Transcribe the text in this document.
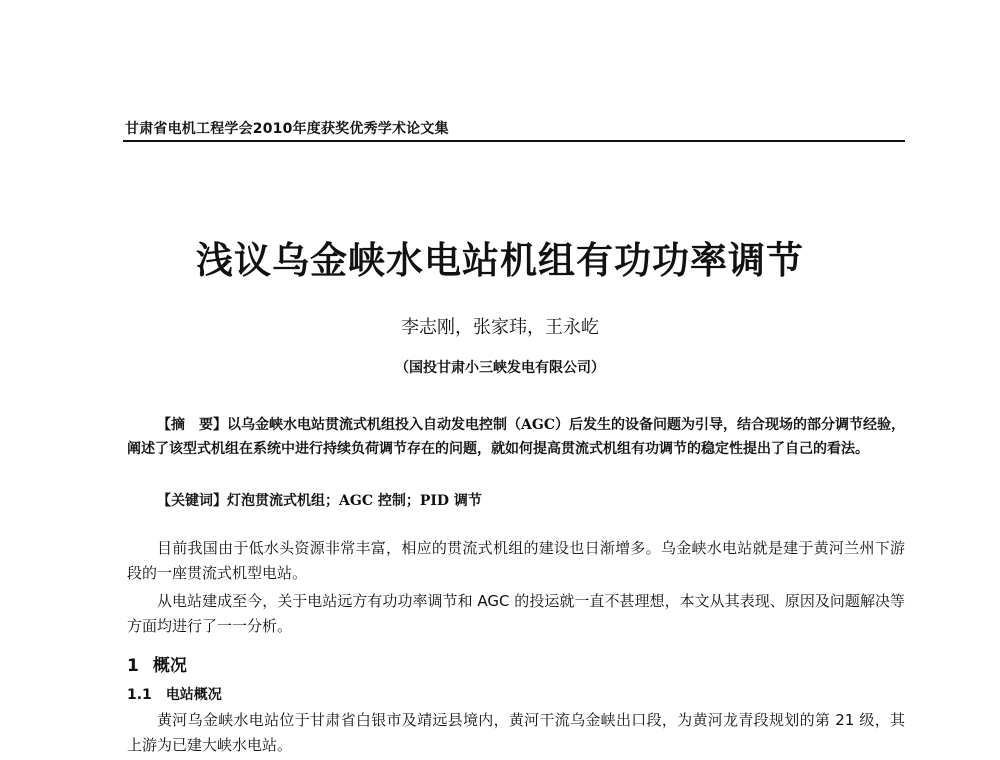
甘肃省电机工程学会2010年度获奖优秀学术论文集
浅议乌金峡水电站机组有功功率调节
李志刚，张家玮，王永屹
（国投甘肃小三峡发电有限公司）

【摘　要】以乌金峡水电站贯流式机组投入自动发电控制（AGC）后发生的设备问题为引导，结合现场的部分调节经验，阐述了该型式机组在系统中进行持续负荷调节存在的问题，就如何提高贯流式机组有功调节的稳定性提出了自己的看法。

【关键词】灯泡贯流式机组；AGC 控制；PID 调节

目前我国由于低水头资源非常丰富，相应的贯流式机组的建设也日渐增多。乌金峡水电站就是建于黄河兰州下游段的一座贯流式机型电站。

从电站建成至今，关于电站远方有功功率调节和 AGC 的投运就一直不甚理想，本文从其表现、原因及问题解决等方面均进行了一一分析。

1 概况
1.1 电站概况

黄河乌金峡水电站位于甘肃省白银市及靖远县境内，黄河干流乌金峡出口段，为黄河龙青段规划的第 21 级，其上游为已建大峡水电站。
